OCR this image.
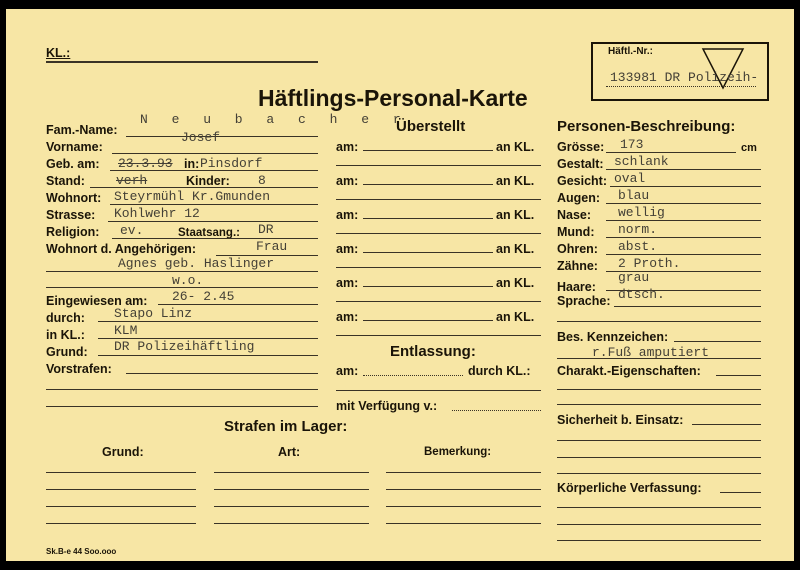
KL.:	Häftl.-Nr.:
133981 DR Polizeih-
Häftlings-Personal-Karte
N e u b a c h e r
Fam.-Name:	Josef
Vorname:
Geb. am: 23.3.93 in: Pinsdorf
Stand: verh	Kinder: 8
Wohnort: Steyrmühl Kr.Gmunden
Strasse: Kohlwehr 12
Religion: ev.	Staatsang.: DR
Wohnort d. Angehörigen:	Frau
Agnes geb. Haslinger
w.o.
Eingewiesen am: 26- 2.45
durch: Stapo Linz
in KL.: KLM
Grund: DR Polizeihäftling
Vorstrafen:
Überstellt
am:	an KL.
am:	an KL.
am:	an KL.
am:	an KL.
am:	an KL.
am:	an KL.
Entlassung:
am:	durch KL.:
mit Verfügung v.:
Personen-Beschreibung:
Grösse: 173	cm
Gestalt: schlank
Gesicht: oval
Augen: blau
Nase: wellig
Mund: norm.
Ohren: abst.
Zähne: 2 Proth.
Haare:
grau
Sprache: dtsch.
Bes. Kennzeichen:
r.Fuß amputiert
Charakt.-Eigenschaften:
Sicherheit b. Einsatz:
Körperliche Verfassung:
Strafen im Lager:
Grund:	Art:	Bemerkung:
Sk.B-e 44 Soo.ooo
